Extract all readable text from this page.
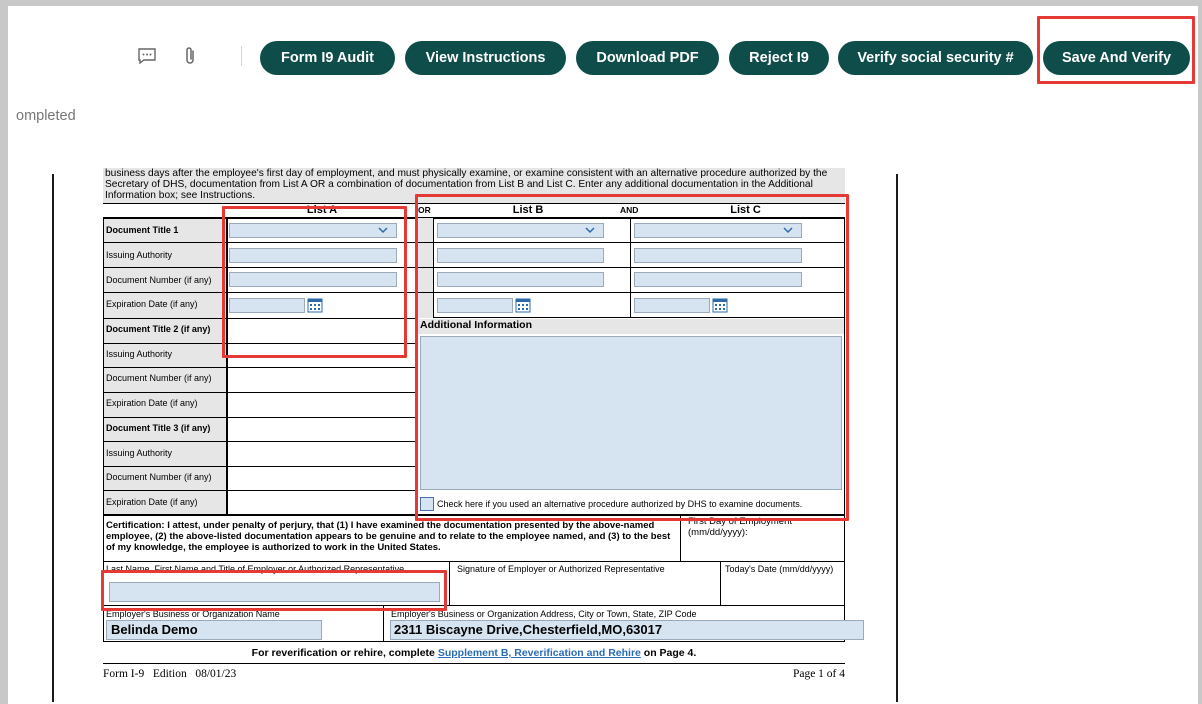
Form I9 Audit	View Instructions	Download PDF	Reject I9	Verify social security #	Save And Verify
ompleted
business days after the employee's first day of employment, and must physically examine, or examine consistent with an alternative procedure authorized by the Secretary of DHS, documentation from List A OR a combination of documentation from List B and List C. Enter any additional documentation in the Additional Information box; see Instructions.
List A	OR	List B	AND	List C
Document Title 1
Issuing Authority
Document Number (if any)
Expiration Date (if any)
Document Title 2 (if any)
Issuing Authority
Document Number (if any)
Expiration Date (if any)
Document Title 3 (if any)
Issuing Authority
Document Number (if any)
Expiration Date (if any)
Additional Information
Check here if you used an alternative procedure authorized by DHS to examine documents.
Certification: I attest, under penalty of perjury, that (1) I have examined the documentation presented by the above-named employee, (2) the above-listed documentation appears to be genuine and to relate to the employee named, and (3) to the best of my knowledge, the employee is authorized to work in the United States.
First Day of Employment (mm/dd/yyyy):
Last Name, First Name and Title of Employer or Authorized Representative	Signature of Employer or Authorized Representative	Today's Date (mm/dd/yyyy)
Employer's Business or Organization Name
Belinda Demo
Employer's Business or Organization Address, City or Town, State, ZIP Code
2311 Biscayne Drive,Chesterfield,MO,63017
For reverification or rehire, complete Supplement B, Reverification and Rehire on Page 4.
Form I-9   Edition   08/01/23	Page 1 of 4
